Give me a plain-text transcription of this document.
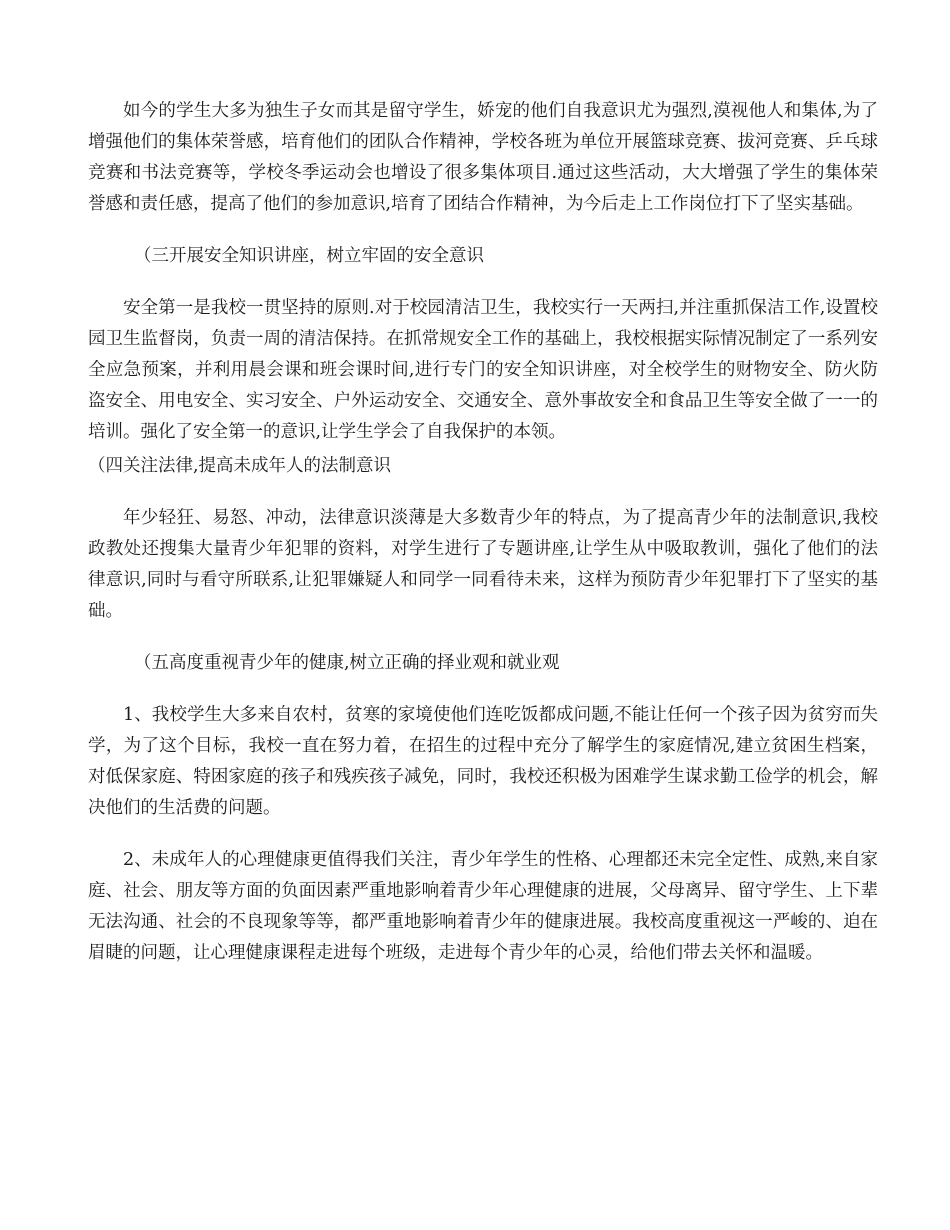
如今的学生大多为独生子女而其是留守学生，娇宠的他们自我意识尤为强烈,漠视他人和集体,为了增强他们的集体荣誉感，培育他们的团队合作精神，学校各班为单位开展篮球竞赛、拔河竞赛、乒乓球竞赛和书法竞赛等，学校冬季运动会也增设了很多集体项目.通过这些活动，大大增强了学生的集体荣誉感和责任感，提高了他们的参加意识,培育了团结合作精神，为今后走上工作岗位打下了坚实基础。

（三开展安全知识讲座，树立牢固的安全意识

安全第一是我校一贯坚持的原则.对于校园清洁卫生，我校实行一天两扫,并注重抓保洁工作,设置校园卫生监督岗，负责一周的清洁保持。在抓常规安全工作的基础上，我校根据实际情况制定了一系列安全应急预案，并利用晨会课和班会课时间,进行专门的安全知识讲座，对全校学生的财物安全、防火防盗安全、用电安全、实习安全、户外运动安全、交通安全、意外事故安全和食品卫生等安全做了一一的培训。强化了安全第一的意识,让学生学会了自我保护的本领。

（四关注法律,提高未成年人的法制意识

年少轻狂、易怒、冲动，法律意识淡薄是大多数青少年的特点，为了提高青少年的法制意识,我校政教处还搜集大量青少年犯罪的资料，对学生进行了专题讲座,让学生从中吸取教训，强化了他们的法律意识,同时与看守所联系,让犯罪嫌疑人和同学一同看待未来，这样为预防青少年犯罪打下了坚实的基础。

（五高度重视青少年的健康,树立正确的择业观和就业观

1、我校学生大多来自农村，贫寒的家境使他们连吃饭都成问题,不能让任何一个孩子因为贫穷而失学，为了这个目标，我校一直在努力着，在招生的过程中充分了解学生的家庭情况,建立贫困生档案，对低保家庭、特困家庭的孩子和残疾孩子减免，同时，我校还积极为困难学生谋求勤工俭学的机会，解决他们的生活费的问题。

2、未成年人的心理健康更值得我们关注，青少年学生的性格、心理都还未完全定性、成熟,来自家庭、社会、朋友等方面的负面因素严重地影响着青少年心理健康的进展，父母离异、留守学生、上下辈无法沟通、社会的不良现象等等，都严重地影响着青少年的健康进展。我校高度重视这一严峻的、迫在眉睫的问题，让心理健康课程走进每个班级，走进每个青少年的心灵，给他们带去关怀和温暖。
